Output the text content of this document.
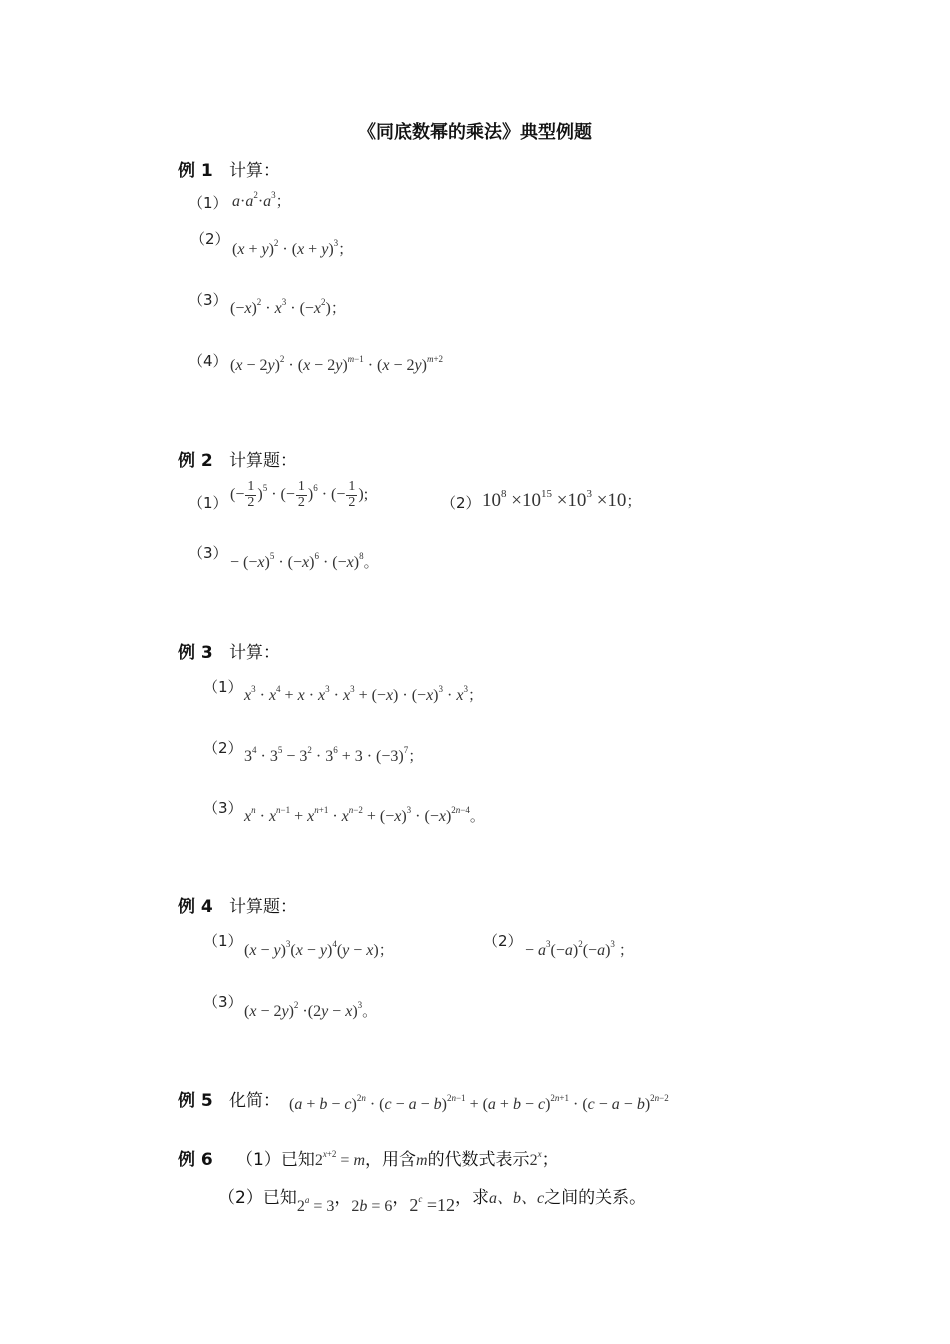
《同底数幂的乘法》典型例题
例 1 计算：
（1） $a\cdot a^2\cdot a^3$；
（2）
$(x + y)^2 \cdot (x + y)^3$；
（3） $(-x)^2 \cdot x^3 \cdot (-x^2)$；
（4） $(x - 2y)^2 \cdot (x - 2y)^{m-1} \cdot (x - 2y)^{m+2}$
例 2 计算题：
（1） (− $\frac{1}{2} )^5$ · (− $\frac{1}{2} )^6$ · (− $\frac{1}{2}$ );	（2） $10^8 \times 10^{15} \times 10^3 \times 10$；
（3）
− $(-x)^5 \cdot (-x)^6 \cdot (-x)^8$。
例 3 计算：
（1） $x^3 \cdot x^4 + x \cdot x^3 \cdot x^3 + (-x) \cdot (-x)^3 \cdot x^3$；
（2） $3^4 \cdot 3^5 - 3^2 \cdot 3^6 + 3 \cdot (-3)^7$；
（3） $x^n \cdot x^{n-1} + x^{n+1} \cdot x^{n-2} + (-x)^3 \cdot (-x)^{2n-4}$。
例 4 计算题：
（1）
$(x - y)^3(x - y)^4(y - x)$；	（2）
− $a^3(-a)^2(-a)^3$ ；
（3）
$(x - 2y)^2 \cdot(2y - x)^3$。
例 5 化简： $(a + b - c)^{2n} \cdot (c - a - b)^{2n-1} + (a + b - c)^{2n+1} \cdot (c - a - b)^{2n-2}$
例 6 （1）已知$2^{x+2} = m$，用含m的代数式表示2$^x$；
（2）已知$2^a = 3$，2b = 6，$2^c =12$，求a、b、c之间的关系。
